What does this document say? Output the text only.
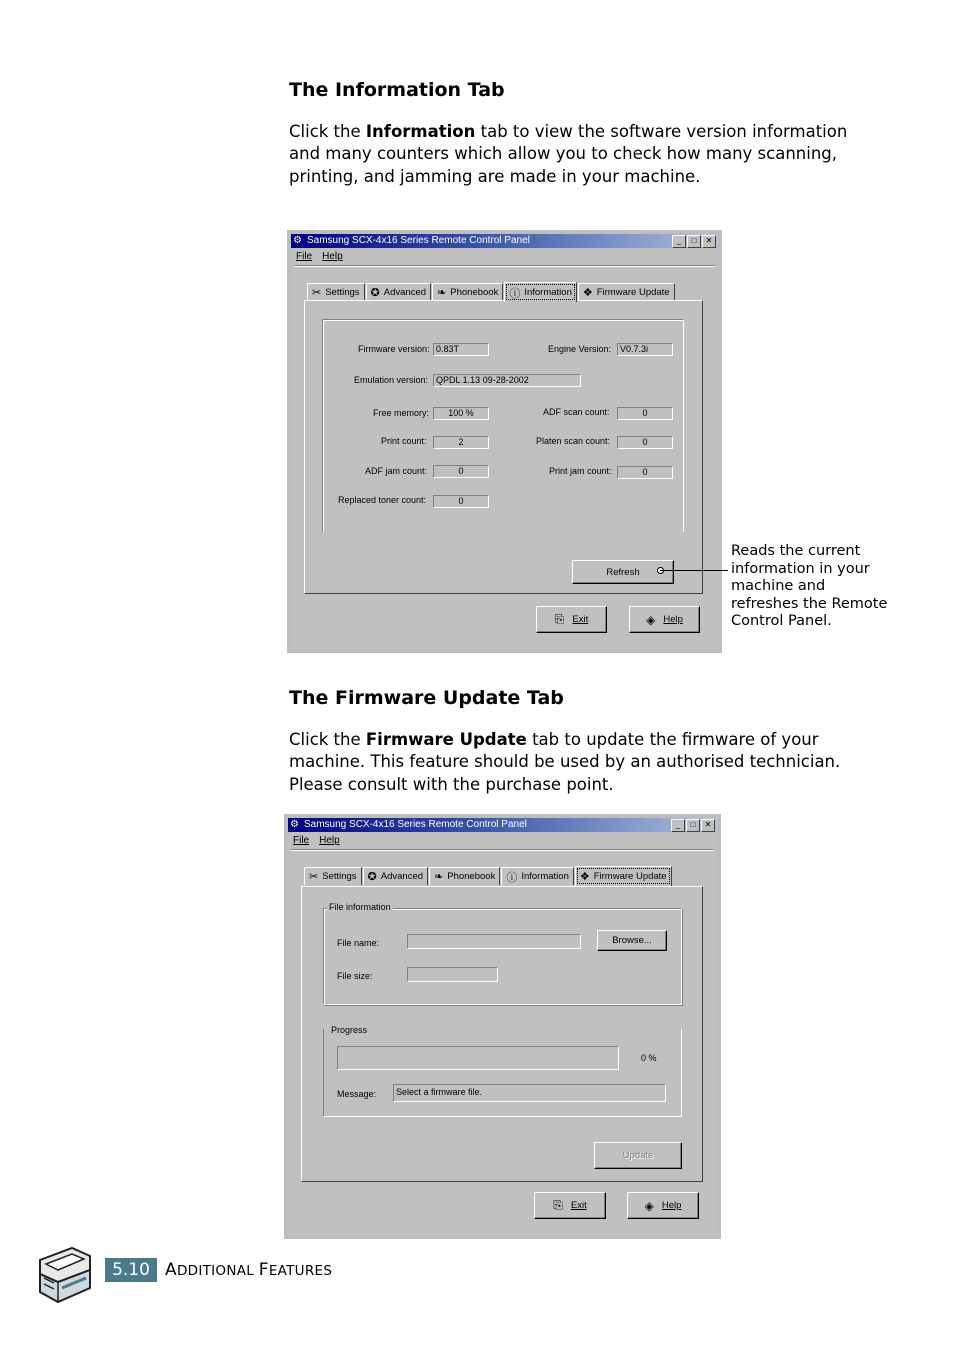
The Information Tab

Click the Information tab to view the software version information and many counters which allow you to check how many scanning, printing, and jamming are made in your machine.

⚙ Samsung SCX-4x16 Series Remote Control Panel	_	□	✕
File Help
✂ Settings ✪ Advanced ❧ Phonebook ⓘ Information ❖ Firmware Update
Firmware version: 0.83T	Engine Version: V0.7.3i
Emulation version: QPDL 1.13 09-28-2002
Free memory:	100 %	ADF scan count:	0
Print count:	2	Platen scan count:	0
ADF jam count:	0	Print jam count:	0
Replaced toner count:	0
Refresh
⎘ Exit	◈ Help
Reads the current information in your machine and refreshes the Remote Control Panel.
The Firmware Update Tab

Click the Firmware Update tab to update the firmware of your machine. This feature should be used by an authorised technician. Please consult with the purchase point.

⚙ Samsung SCX-4x16 Series Remote Control Panel	_	□	✕
File Help
✂ Settings ✪ Advanced ❧ Phonebook ⓘ Information ❖ Firmware Update
File information
File name:	Browse...
File size:
Progress
0 %
Message:	Select a firmware file.
Update
⎘ Exit	◈ Help
5.10 ADDITIONAL FEATURES
